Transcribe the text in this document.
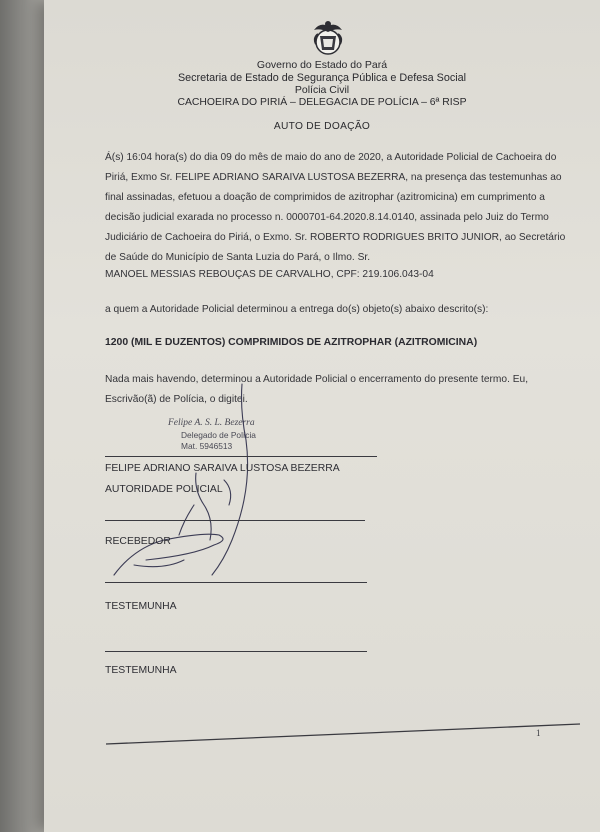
Governo do Estado do Pará
Secretaria de Estado de Segurança Pública e Defesa Social
Polícia Civil
CACHOEIRA DO PIRIÁ – DELEGACIA DE POLÍCIA – 6ª RISP
AUTO DE DOAÇÃO
Á(s) 16:04 hora(s) do dia 09 do mês de maio do ano de 2020, a Autoridade Policial de Cachoeira do
Piriá, Exmo Sr. FELIPE ADRIANO SARAIVA LUSTOSA BEZERRA, na presença das testemunhas ao
final assinadas, efetuou a doação de comprimidos de azitrophar (azitromicina) em cumprimento a
decisão judicial exarada no processo n. 0000701-64.2020.8.14.0140, assinada pelo Juiz do Termo
Judiciário de Cachoeira do Piriá, o Exmo. Sr. ROBERTO RODRIGUES BRITO JUNIOR, ao Secretário
de Saúde do Município de Santa Luzia do Pará, o Ilmo. Sr.
MANOEL MESSIAS REBOUÇAS DE CARVALHO, CPF: 219.106.043-04
a quem a Autoridade Policial determinou a entrega do(s) objeto(s) abaixo descrito(s):
1200 (MIL E DUZENTOS) COMPRIMIDOS DE AZITROPHAR (AZITROMICINA)
Nada mais havendo, determinou a Autoridade Policial o encerramento do presente termo. Eu,
Escrivão(ã) de Polícia, o digitei.
Felipe A. S. L. Bezerra
Delegado de Polícia
Mat. 5946513
FELIPE ADRIANO SARAIVA LUSTOSA BEZERRA
AUTORIDADE POLICIAL
RECEBEDOR
TESTEMUNHA
TESTEMUNHA
1
